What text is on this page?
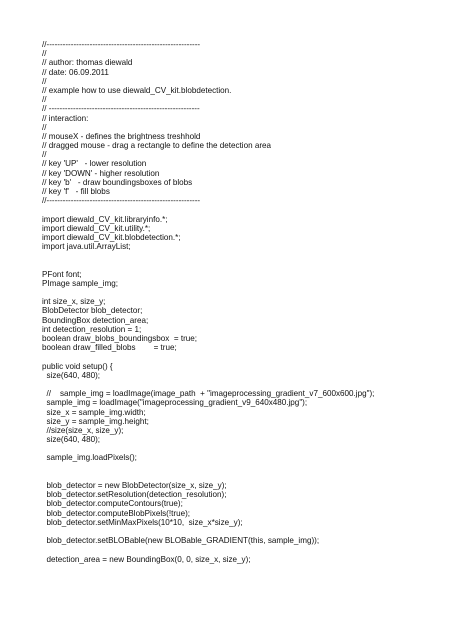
//---------------------------------------------------------
//
// author: thomas diewald
// date: 06.09.2011
//
// example how to use diewald_CV_kit.blobdetection.
//
// --------------------------------------------------------
// interaction:
//
// mouseX - defines the brightness treshhold
// dragged mouse - drag a rectangle to define the detection area
//
// key 'UP'   - lower resolution
// key 'DOWN' - higher resolution
// key 'b'   - draw boundingsboxes of blobs
// key 'f'   - fill blobs
//---------------------------------------------------------
import diewald_CV_kit.libraryinfo.*;
import diewald_CV_kit.utility.*;
import diewald_CV_kit.blobdetection.*;
import java.util.ArrayList;
PFont font;
PImage sample_img;
int size_x, size_y;
BlobDetector blob_detector;
BoundingBox detection_area;
int detection_resolution = 1;
boolean draw_blobs_boundingsbox  = true;
boolean draw_filled_blobs        = true;
public void setup() {
size(640, 480);
//    sample_img = loadImage(image_path  + "imageprocessing_gradient_v7_600x600.jpg");
sample_img = loadImage("imageprocessing_gradient_v9_640x480.jpg");
size_x = sample_img.width;
size_y = sample_img.height;
//size(size_x, size_y);
size(640, 480);
sample_img.loadPixels();
blob_detector = new BlobDetector(size_x, size_y);
blob_detector.setResolution(detection_resolution);
blob_detector.computeContours(true);
blob_detector.computeBlobPixels(!true);
blob_detector.setMinMaxPixels(10*10,  size_x*size_y);
blob_detector.setBLOBable(new BLOBable_GRADIENT(this, sample_img));
detection_area = new BoundingBox(0, 0, size_x, size_y);
